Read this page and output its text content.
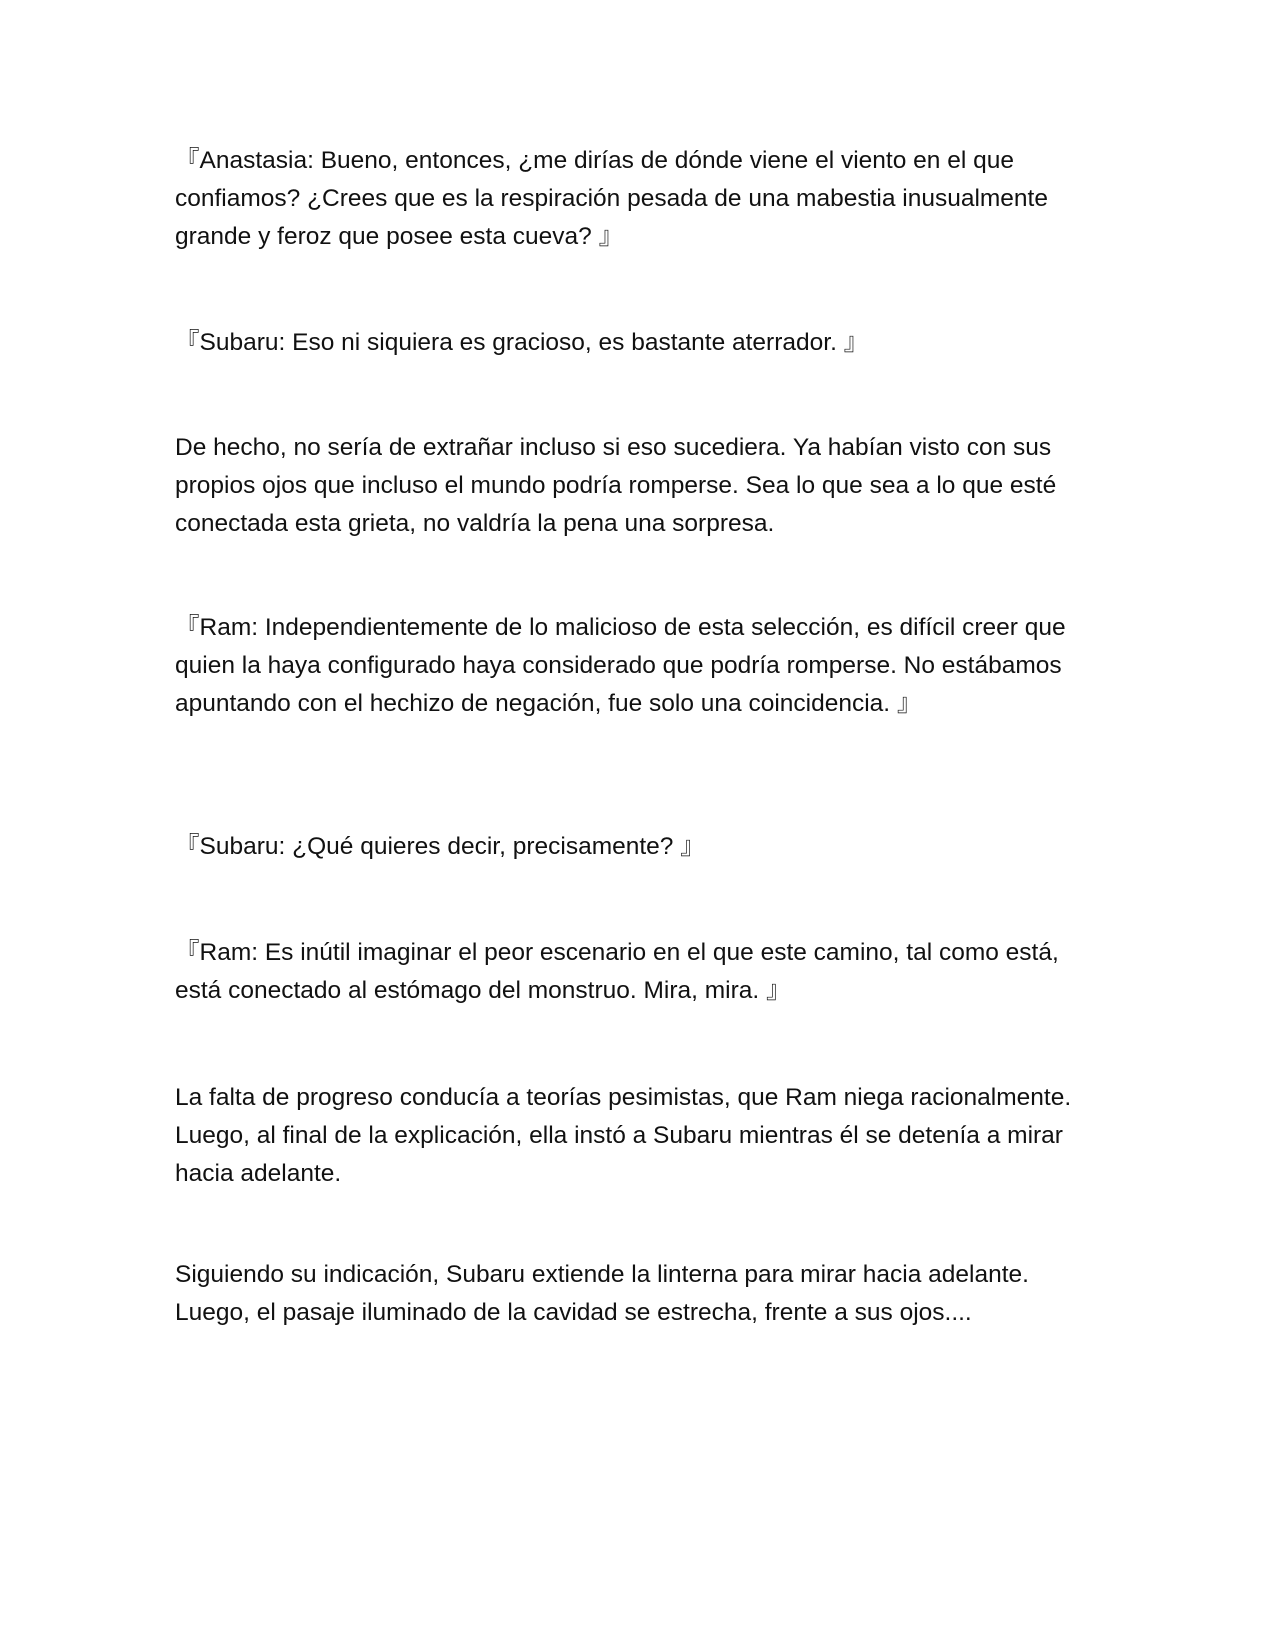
『Anastasia: Bueno, entonces, ¿me dirías de dónde viene el viento en el que confiamos? ¿Crees que es la respiración pesada de una mabestia inusualmente grande y feroz que posee esta cueva? 』

『Subaru: Eso ni siquiera es gracioso, es bastante aterrador. 』

De hecho, no sería de extrañar incluso si eso sucediera. Ya habían visto con sus propios ojos que incluso el mundo podría romperse. Sea lo que sea a lo que esté conectada esta grieta, no valdría la pena una sorpresa.

『Ram: Independientemente de lo malicioso de esta selección, es difícil creer que quien la haya configurado haya considerado que podría romperse. No estábamos apuntando con el hechizo de negación, fue solo una coincidencia. 』

『Subaru: ¿Qué quieres decir, precisamente? 』

『Ram: Es inútil imaginar el peor escenario en el que este camino, tal como está, está conectado al estómago del monstruo. Mira, mira. 』

La falta de progreso conducía a teorías pesimistas, que Ram niega racionalmente. Luego, al final de la explicación, ella instó a Subaru mientras él se detenía a mirar hacia adelante.

Siguiendo su indicación, Subaru extiende la linterna para mirar hacia adelante. Luego, el pasaje iluminado de la cavidad se estrecha, frente a sus ojos....
